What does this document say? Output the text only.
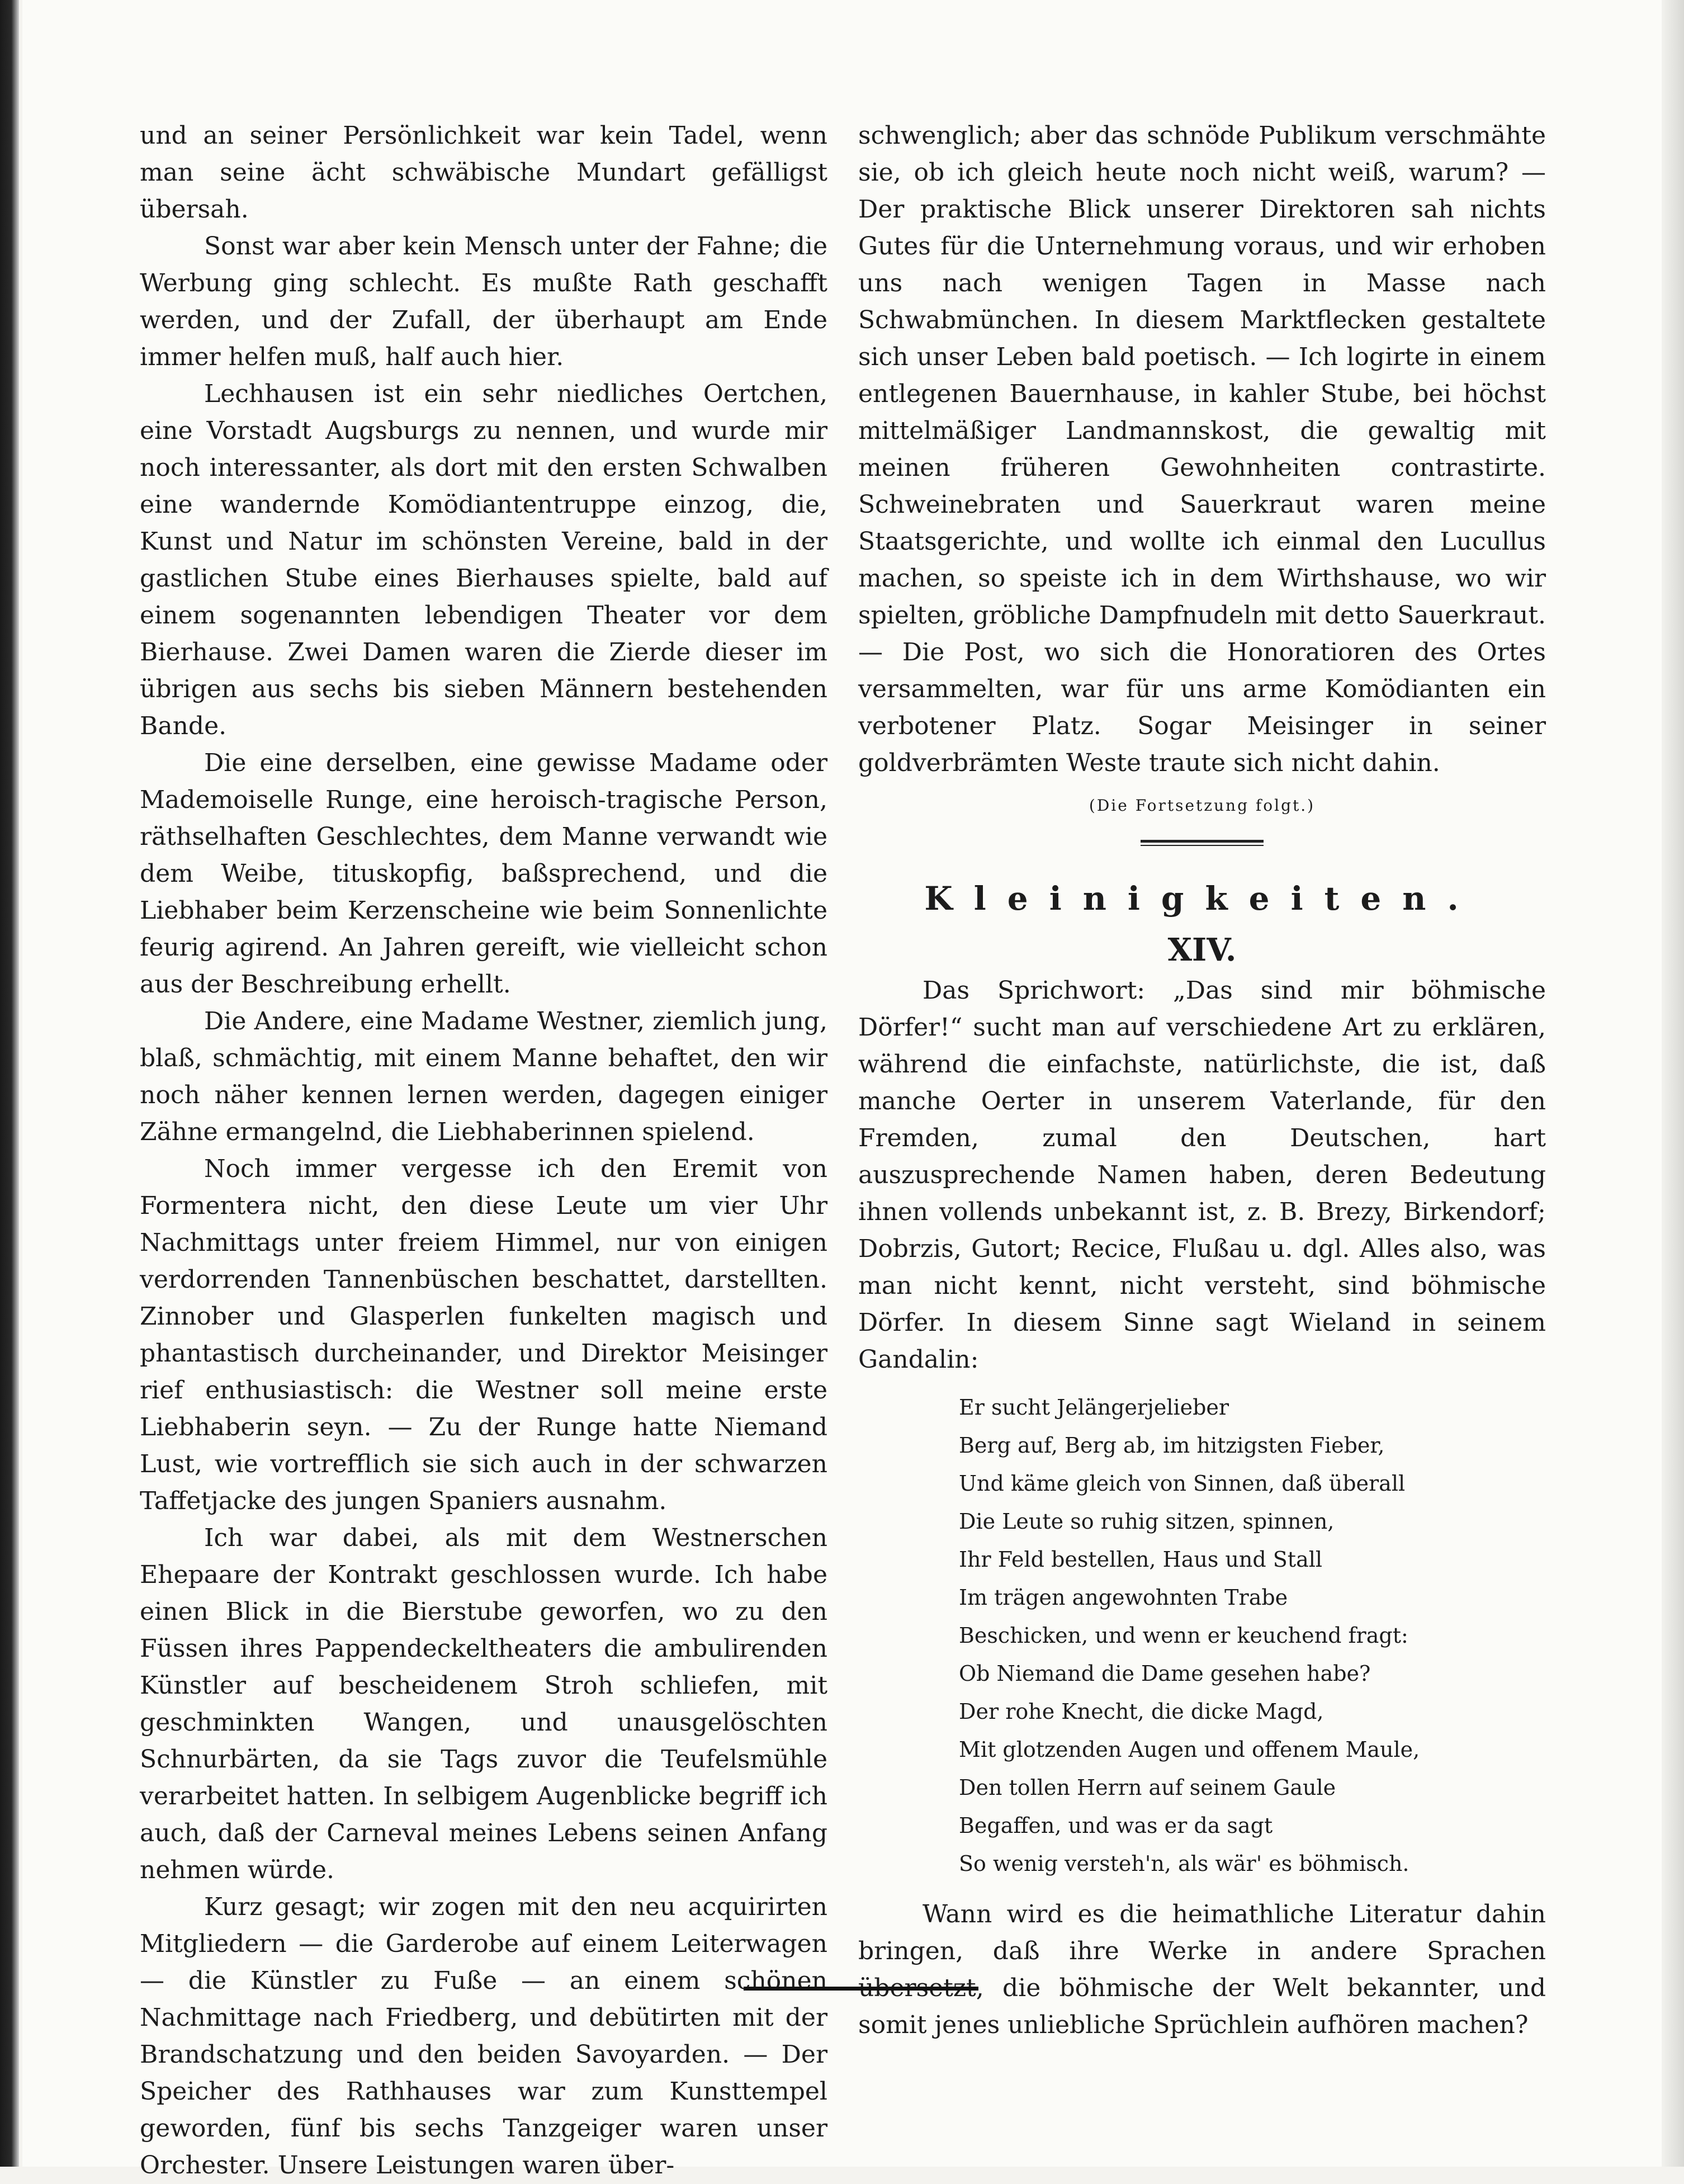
und an seiner Persönlichkeit war kein Tadel, wenn man seine ächt schwäbische Mundart gefälligst übersah.

Sonst war aber kein Mensch unter der Fahne; die Werbung ging schlecht. Es mußte Rath geschafft werden, und der Zufall, der überhaupt am Ende immer helfen muß, half auch hier.

Lechhausen ist ein sehr niedliches Oertchen, eine Vorstadt Augsburgs zu nennen, und wurde mir noch interessanter, als dort mit den ersten Schwalben eine wandernde Komödiantentruppe einzog, die, Kunst und Natur im schönsten Vereine, bald in der gastlichen Stube eines Bierhauses spielte, bald auf einem sogenannten lebendigen Theater vor dem Bierhause. Zwei Damen waren die Zierde dieser im übrigen aus sechs bis sieben Männern bestehenden Bande.

Die eine derselben, eine gewisse Madame oder Mademoiselle Runge, eine heroisch-tragische Person, räthselhaften Geschlechtes, dem Manne verwandt wie dem Weibe, tituskopfig, baßsprechend, und die Liebhaber beim Kerzenscheine wie beim Sonnenlichte feurig agirend. An Jahren gereift, wie vielleicht schon aus der Beschreibung erhellt.

Die Andere, eine Madame Westner, ziemlich jung, blaß, schmächtig, mit einem Manne behaftet, den wir noch näher kennen lernen werden, dagegen einiger Zähne ermangelnd, die Liebhaberinnen spielend.

Noch immer vergesse ich den Eremit von Formentera nicht, den diese Leute um vier Uhr Nachmittags unter freiem Himmel, nur von einigen verdorrenden Tannenbüschen beschattet, darstellten. Zinnober und Glasperlen funkelten magisch und phantastisch durcheinander, und Direktor Meisinger rief enthusiastisch: die Westner soll meine erste Liebhaberin seyn. — Zu der Runge hatte Niemand Lust, wie vortrefflich sie sich auch in der schwarzen Taffetjacke des jungen Spaniers ausnahm.

Ich war dabei, als mit dem Westnerschen Ehepaare der Kontrakt geschlossen wurde. Ich habe einen Blick in die Bierstube geworfen, wo zu den Füssen ihres Pappendeckeltheaters die ambulirenden Künstler auf bescheidenem Stroh schliefen, mit geschminkten Wangen, und unausgelöschten Schnurbärten, da sie Tags zuvor die Teufelsmühle verarbeitet hatten. In selbigem Augenblicke begriff ich auch, daß der Carneval meines Lebens seinen Anfang nehmen würde.

Kurz gesagt; wir zogen mit den neu acquirirten Mitgliedern — die Garderobe auf einem Leiterwagen — die Künstler zu Fuße — an einem schönen Nachmittage nach Friedberg, und debütirten mit der Brandschatzung und den beiden Savoyarden. — Der Speicher des Rathhauses war zum Kunsttempel geworden, fünf bis sechs Tanzgeiger waren unser Orchester. Unsere Leistungen waren über-

schwenglich; aber das schnöde Publikum verschmähte sie, ob ich gleich heute noch nicht weiß, warum? — Der praktische Blick unserer Direktoren sah nichts Gutes für die Unternehmung voraus, und wir erhoben uns nach wenigen Tagen in Masse nach Schwabmünchen. In diesem Marktflecken gestaltete sich unser Leben bald poetisch. — Ich logirte in einem entlegenen Bauernhause, in kahler Stube, bei höchst mittelmäßiger Landmannskost, die gewaltig mit meinen früheren Gewohnheiten contrastirte. Schweinebraten und Sauerkraut waren meine Staatsgerichte, und wollte ich einmal den Lucullus machen, so speiste ich in dem Wirthshause, wo wir spielten, gröbliche Dampfnudeln mit detto Sauerkraut. — Die Post, wo sich die Honoratioren des Ortes versammelten, war für uns arme Komödianten ein verbotener Platz. Sogar Meisinger in seiner goldverbrämten Weste traute sich nicht dahin.

(Die Fortsetzung folgt.)
Kleinigkeiten.
XIV.

Das Sprichwort: „Das sind mir böhmische Dörfer!“ sucht man auf verschiedene Art zu erklären, während die einfachste, natürlichste, die ist, daß manche Oerter in unserem Vaterlande, für den Fremden, zumal den Deutschen, hart auszusprechende Namen haben, deren Bedeutung ihnen vollends unbekannt ist, z. B. Brezy, Birkendorf; Dobrzis, Gutort; Recice, Flußau u. dgl. Alles also, was man nicht kennt, nicht versteht, sind böhmische Dörfer. In diesem Sinne sagt Wieland in seinem Gandalin:

Er sucht Jelängerjelieber
Berg auf, Berg ab, im hitzigsten Fieber,
Und käme gleich von Sinnen, daß überall
Die Leute so ruhig sitzen, spinnen,
Ihr Feld bestellen, Haus und Stall
Im trägen angewohnten Trabe
Beschicken, und wenn er keuchend fragt:
Ob Niemand die Dame gesehen habe?
Der rohe Knecht, die dicke Magd,
Mit glotzenden Augen und offenem Maule,
Den tollen Herrn auf seinem Gaule
Begaffen, und was er da sagt
So wenig versteh'n, als wär' es böhmisch.

Wann wird es die heimathliche Literatur dahin bringen, daß ihre Werke in andere Sprachen übersetzt, die böhmische der Welt bekannter, und somit jenes unliebliche Sprüchlein aufhören machen?
